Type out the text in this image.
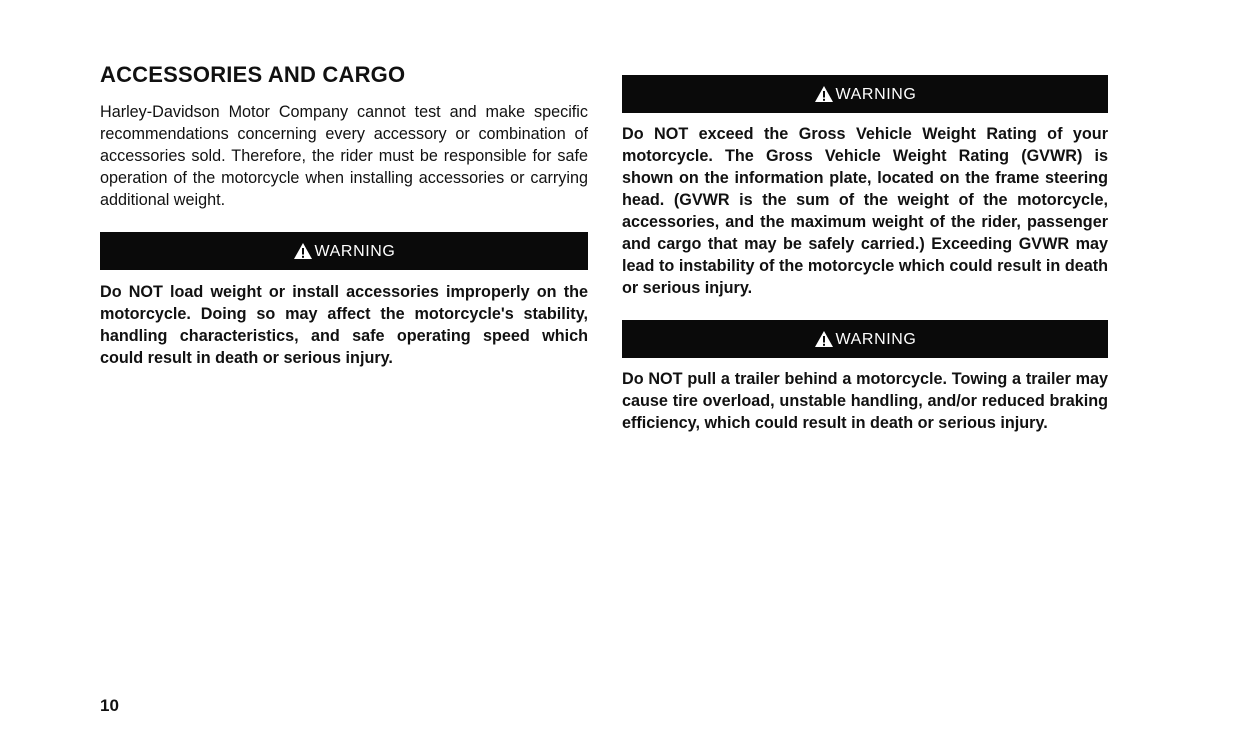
ACCESSORIES AND CARGO

Harley-Davidson Motor Company cannot test and make specific recommendations concerning every accessory or combination of accessories sold. Therefore, the rider must be responsible for safe operation of the motorcycle when installing accessories or carrying additional weight.

WARNING

Do NOT load weight or install accessories improperly on the motorcycle. Doing so may affect the motorcycle's stability, handling characteristics, and safe operating speed which could result in death or serious injury.

WARNING

Do NOT exceed the Gross Vehicle Weight Rating of your motorcycle. The Gross Vehicle Weight Rating (GVWR) is shown on the information plate, located on the frame steering head. (GVWR is the sum of the weight of the motorcycle, accessories, and the maximum weight of the rider, passenger and cargo that may be safely carried.) Exceeding GVWR may lead to instability of the motorcycle which could result in death or serious injury.

WARNING

Do NOT pull a trailer behind a motorcycle. Towing a trailer may cause tire overload, unstable handling, and/or reduced braking efficiency, which could result in death or serious injury.

10
